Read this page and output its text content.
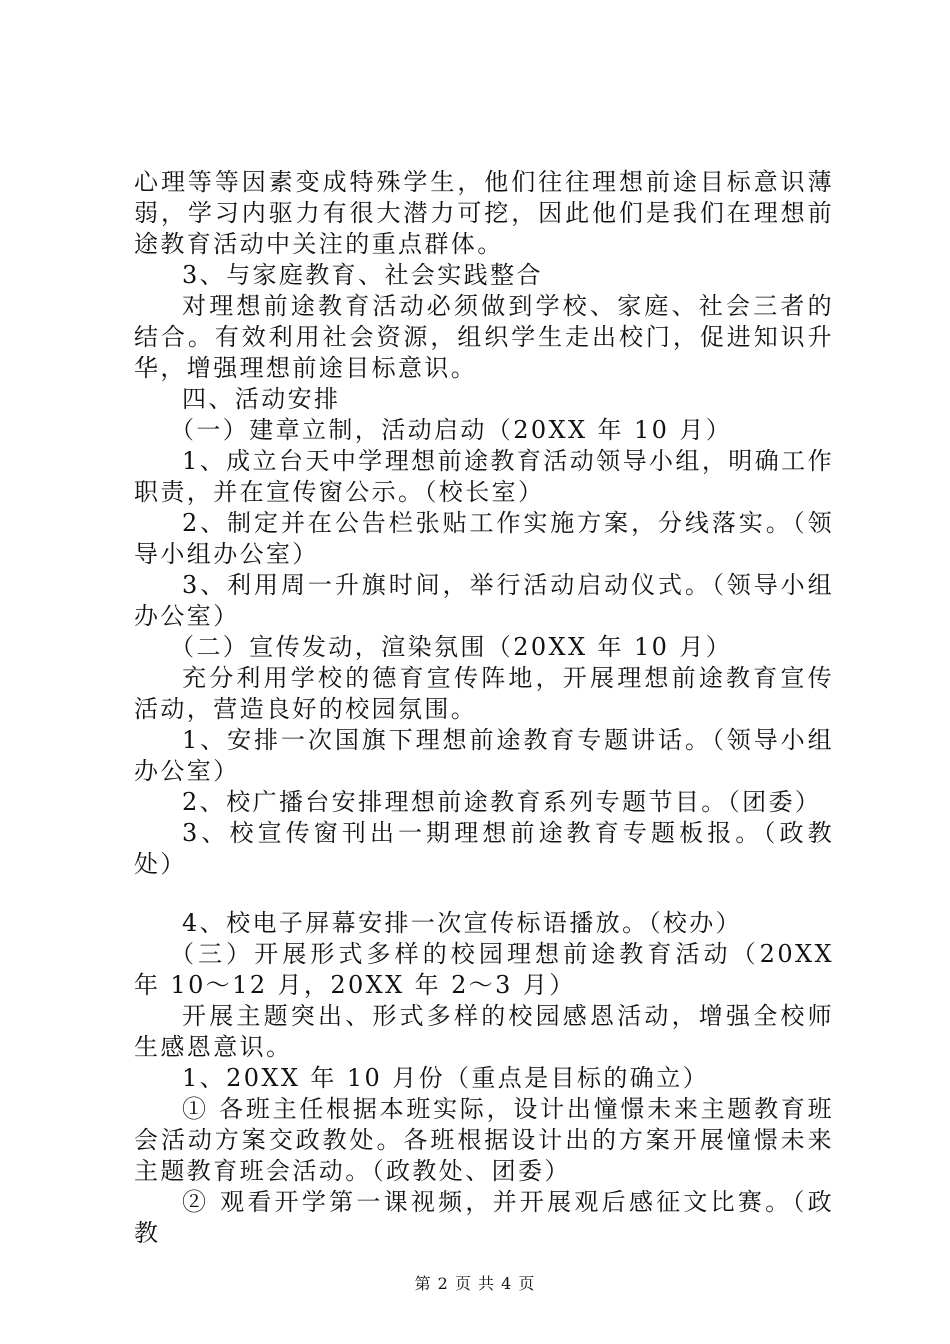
心理等等因素变成特殊学生，他们往往理想前途目标意识薄弱，学习内驱力有很大潜力可挖，因此他们是我们在理想前途教育活动中关注的重点群体。

3、与家庭教育、社会实践整合

对理想前途教育活动必须做到学校、家庭、社会三者的结合。有效利用社会资源，组织学生走出校门，促进知识升华，增强理想前途目标意识。

四、活动安排

（一）建章立制，活动启动（20XX 年 10 月）

1、成立台天中学理想前途教育活动领导小组，明确工作职责，并在宣传窗公示。（校长室）

2、制定并在公告栏张贴工作实施方案，分线落实。（领导小组办公室）

3、利用周一升旗时间，举行活动启动仪式。（领导小组办公室）

（二）宣传发动，渲染氛围（20XX 年 10 月）

充分利用学校的德育宣传阵地，开展理想前途教育宣传活动，营造良好的校园氛围。

1、安排一次国旗下理想前途教育专题讲话。（领导小组办公室）

2、校广播台安排理想前途教育系列专题节目。（团委）

3、校宣传窗刊出一期理想前途教育专题板报。（政教处）

4、校电子屏幕安排一次宣传标语播放。（校办）

（三）开展形式多样的校园理想前途教育活动（20XX 年 10～12 月，20XX 年 2～3 月）

开展主题突出、形式多样的校园感恩活动，增强全校师生感恩意识。

1、20XX 年 10 月份（重点是目标的确立）

① 各班主任根据本班实际，设计出憧憬未来主题教育班会活动方案交政教处。各班根据设计出的方案开展憧憬未来主题教育班会活动。（政教处、团委）

② 观看开学第一课视频，并开展观后感征文比赛。（政教

第 2 页 共 4 页
